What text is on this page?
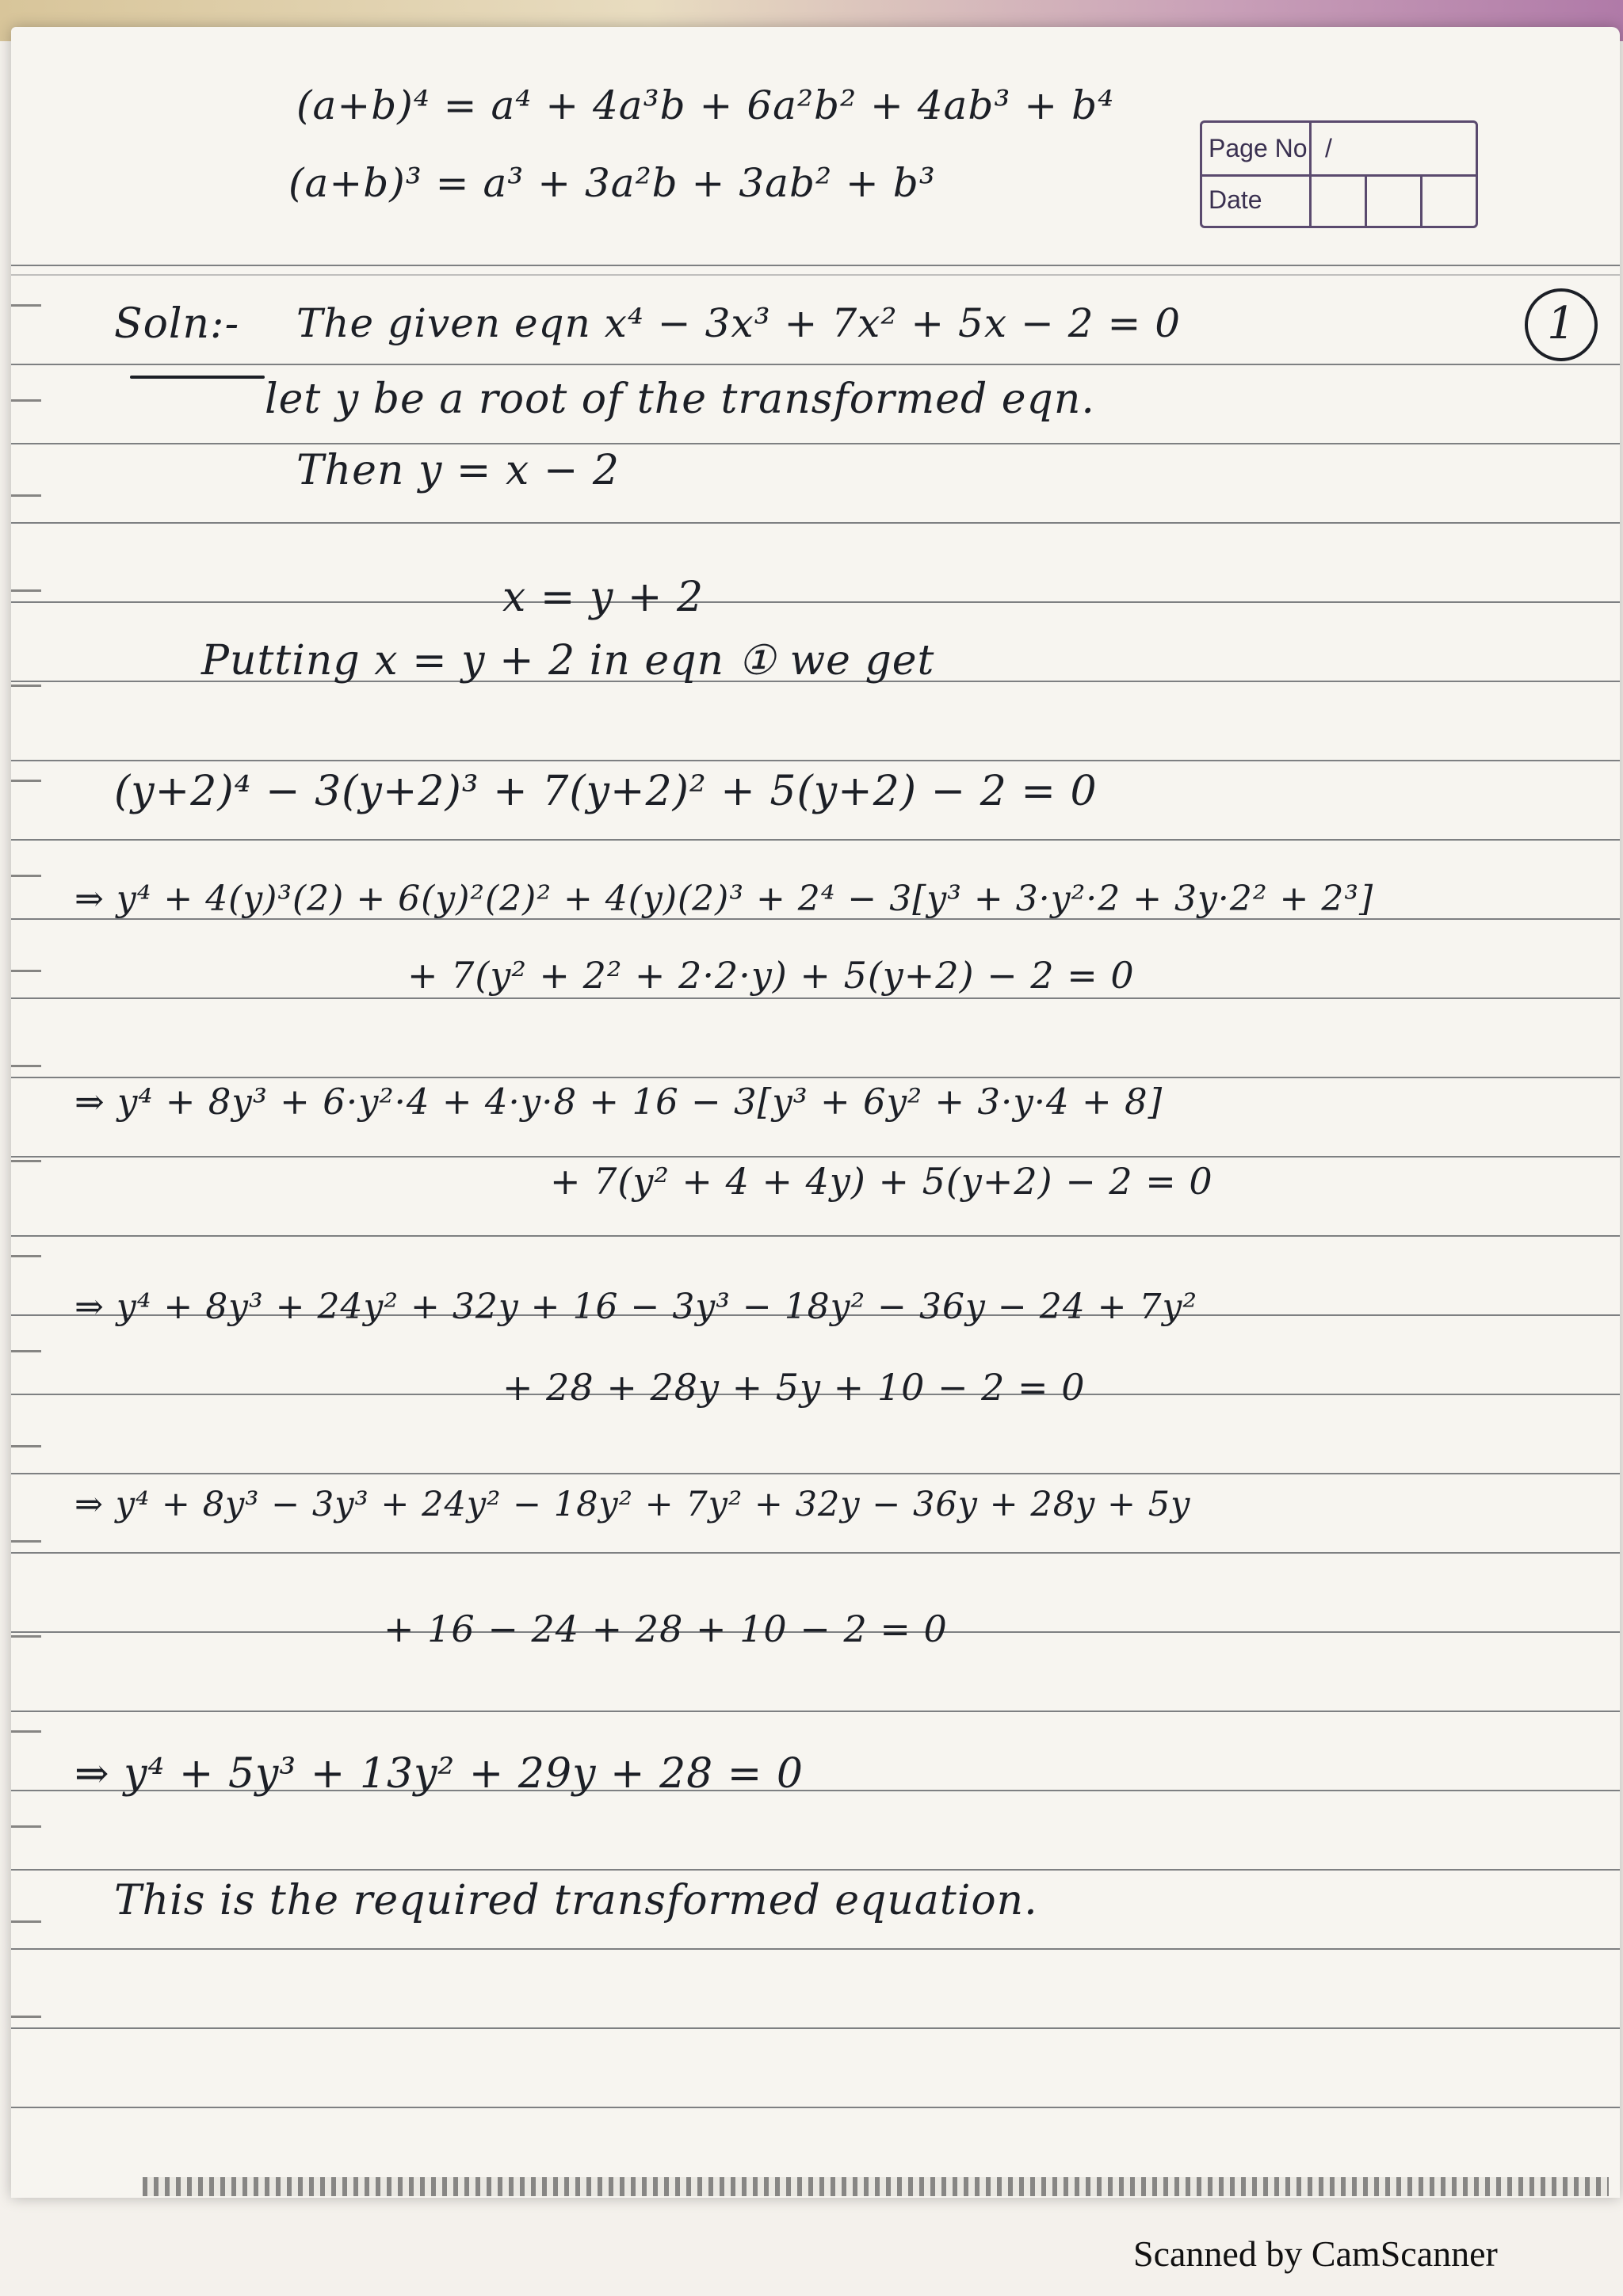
(a+b)⁴ = a⁴ + 4a³b + 6a²b² + 4ab³ + b⁴
(a+b)³ = a³ + 3a²b + 3ab² + b³
Page No /
Date
Soln:- The given eqn x⁴ − 3x³ + 7x² + 5x − 2 = 0	1
let y be a root of the transformed eqn.
Then y = x − 2
x = y + 2
Putting x = y + 2 in eqn ① we get
(y+2)⁴ − 3(y+2)³ + 7(y+2)² + 5(y+2) − 2 = 0
⇒ y⁴ + 4(y)³(2) + 6(y)²(2)² + 4(y)(2)³ + 2⁴ − 3[y³ + 3·y²·2 + 3y·2² + 2³]
+ 7(y² + 2² + 2·2·y) + 5(y+2) − 2 = 0
⇒ y⁴ + 8y³ + 6·y²·4 + 4·y·8 + 16 − 3[y³ + 6y² + 3·y·4 + 8]
+ 7(y² + 4 + 4y) + 5(y+2) − 2 = 0
⇒ y⁴ + 8y³ + 24y² + 32y + 16 − 3y³ − 18y² − 36y − 24 + 7y²
+ 28 + 28y + 5y + 10 − 2 = 0
⇒ y⁴ + 8y³ − 3y³ + 24y² − 18y² + 7y² + 32y − 36y + 28y + 5y
+ 16 − 24 + 28 + 10 − 2 = 0
⇒ y⁴ + 5y³ + 13y² + 29y + 28 = 0
This is the required transformed equation.
Scanned by CamScanner
